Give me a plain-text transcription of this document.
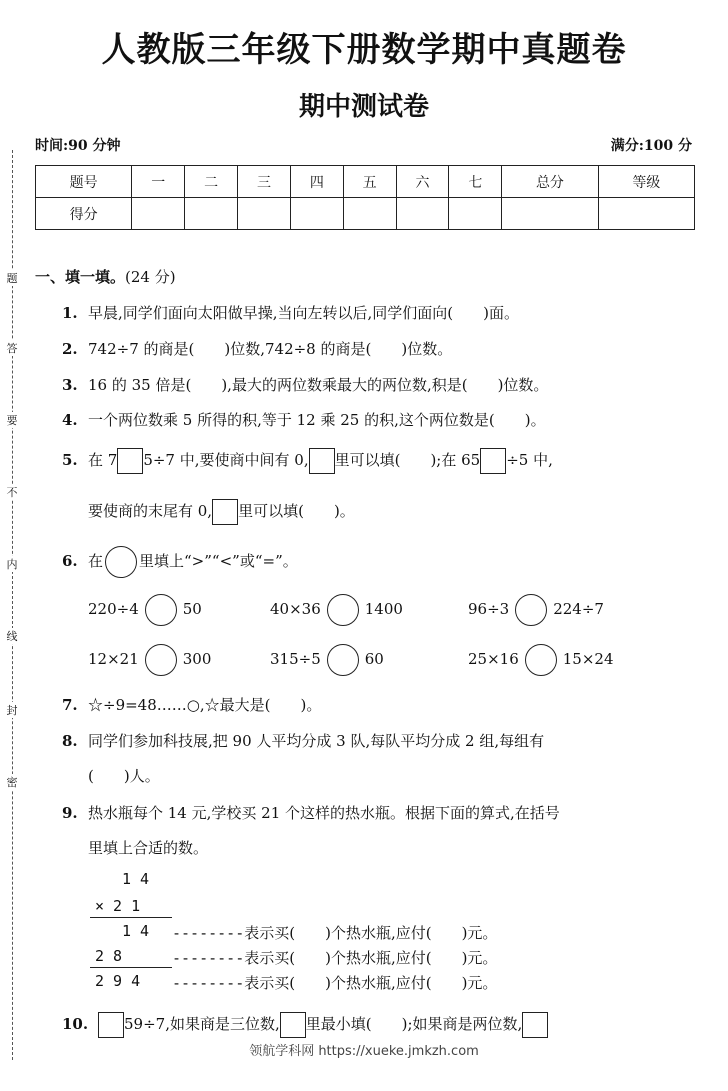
人教版三年级下册数学期中真题卷
期中测试卷
时间:90 分钟	满分:100 分
题
答
要
不
内
线
封
密
题号	一	二	三	四	五	六	七	总分	等级
得分									
一、填一填。(24 分)
1. 早晨,同学们面向太阳做早操,当向左转以后,同学们面向(　　)面。
2. 742÷7 的商是(　　)位数,742÷8 的商是(　　)位数。
3. 16 的 35 倍是(　　),最大的两位数乘最大的两位数,积是(　　)位数。
4. 一个两位数乘 5 所得的积,等于 12 乘 25 的积,这个两位数是(　　)。
5. 在 7 5÷7 中,要使商中间有 0, 里可以填(　　);在 65 ÷5 中,
要使商的末尾有 0, 里可以填(　　)。
6. 在 里填上“>”“<”或“=”。
220÷4	50	40×36	1400	96÷3	224÷7
12×21	300	315÷5	60	25×16	15×24
7. ☆÷9=48……○,☆最大是(　　)。
8. 同学们参加科技展,把 90 人平均分成 3 队,每队平均分成 2 组,每组有
(　　)人。
9. 热水瓶每个 14 元,学校买 21 个这样的热水瓶。根据下面的算式,在括号
里填上合适的数。
1 4
× 2 1
1 4
2 8
2 9 4
--------表示买(　　)个热水瓶,应付(　　)元。
--------表示买(　　)个热水瓶,应付(　　)元。
--------表示买(　　)个热水瓶,应付(　　)元。
10. 59÷7,如果商是三位数, 里最小填(　　);如果商是两位数,
领航学科网 https://xueke.jmkzh.com
